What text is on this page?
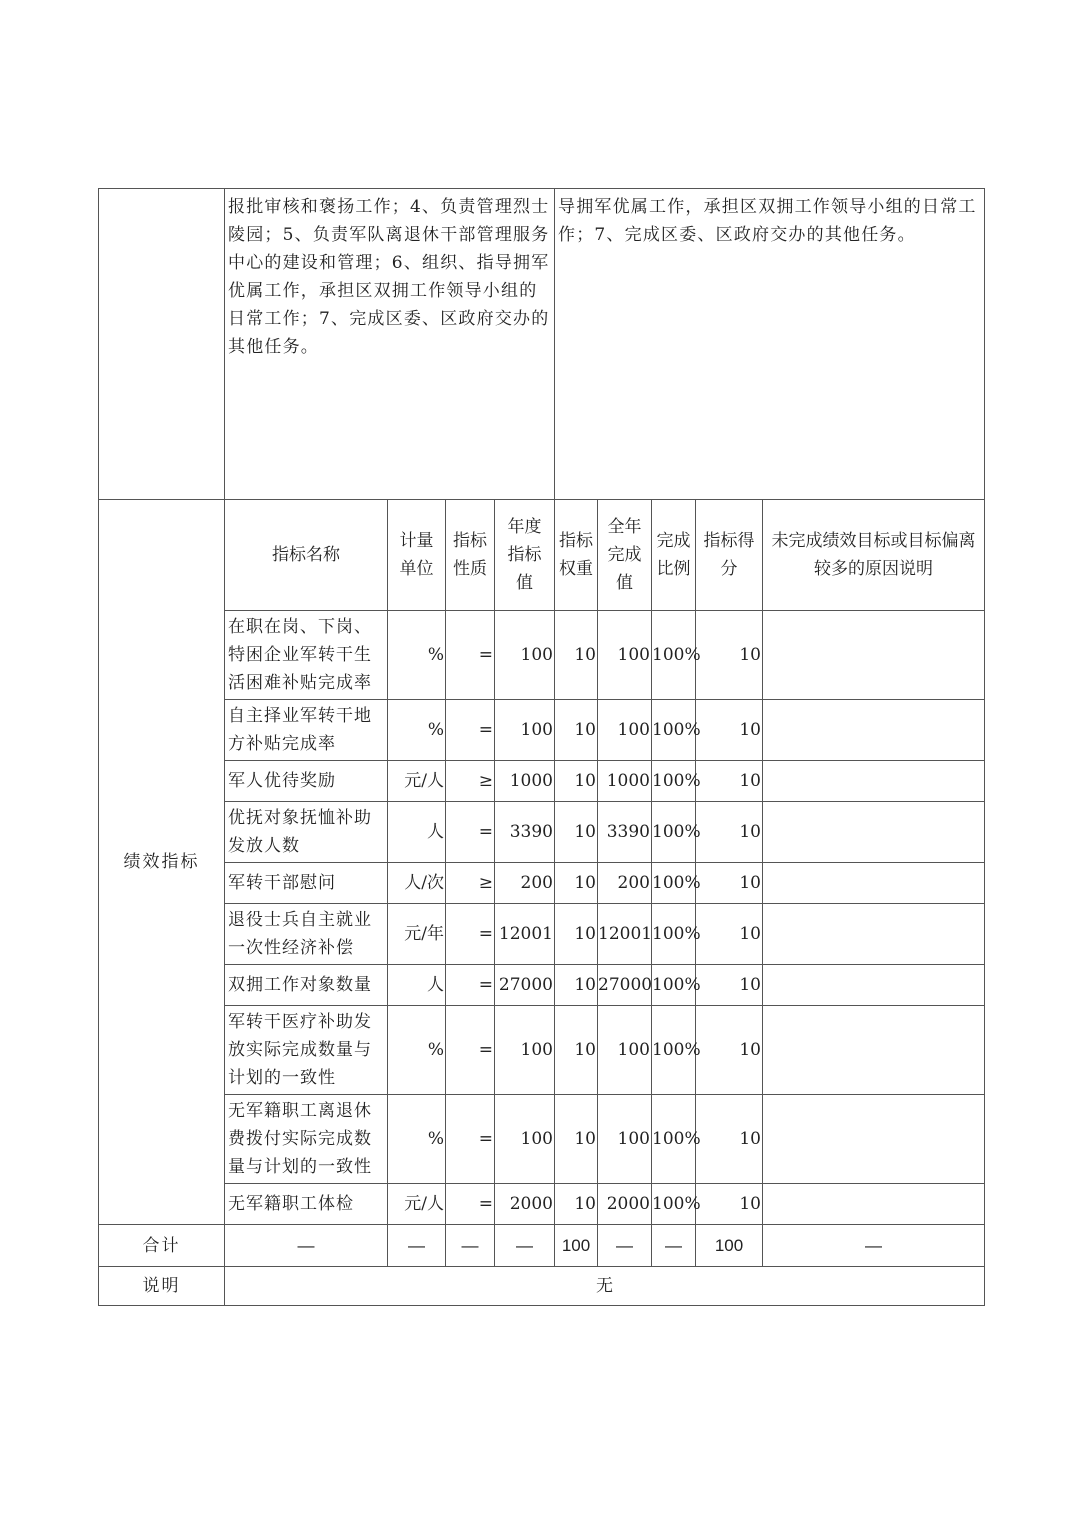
	报批审核和褒扬工作；4、负责管理烈士陵园；5、负责军队离退休干部管理服务中心的建设和管理；6、组织、指导拥军优属工作，承担区双拥工作领导小组的日常工作；7、完成区委、区政府交办的其他任务。				导拥军优属工作，承担区双拥工作领导小组的日常工作；7、完成区委、区政府交办的其他任务。				
绩效指标	指标名称	计量单位	指标性质	年度指标值	指标权重	全年完成值	完成比例	指标得分	未完成绩效目标或目标偏离较多的原因说明

	在职在岗、下岗、特困企业军转干生活困难补贴完成率	%	=	100	10	100	100%	10	
	自主择业军转干地方补贴完成率	%	=	100	10	100	100%	10	
	军人优待奖励	元/人	≥	1000	10	1000	100%	10	
	优抚对象抚恤补助发放人数	人	=	3390	10	3390	100%	10	
	军转干部慰问	人/次	≥	200	10	200	100%	10	
	退役士兵自主就业一次性经济补偿	元/年	=	12001	10	12001	100%	10	
	双拥工作对象数量	人	=	27000	10	27000	100%	10	
	军转干医疗补助发放实际完成数量与计划的一致性	%	=	100	10	100	100%	10	
	无军籍职工离退休费拨付实际完成数量与计划的一致性	%	=	100	10	100	100%	10	
	无军籍职工体检	元/人	=	2000	10	2000	100%	10	
合计	—	—	—	—	100	—	—	100	—
说明	无								
